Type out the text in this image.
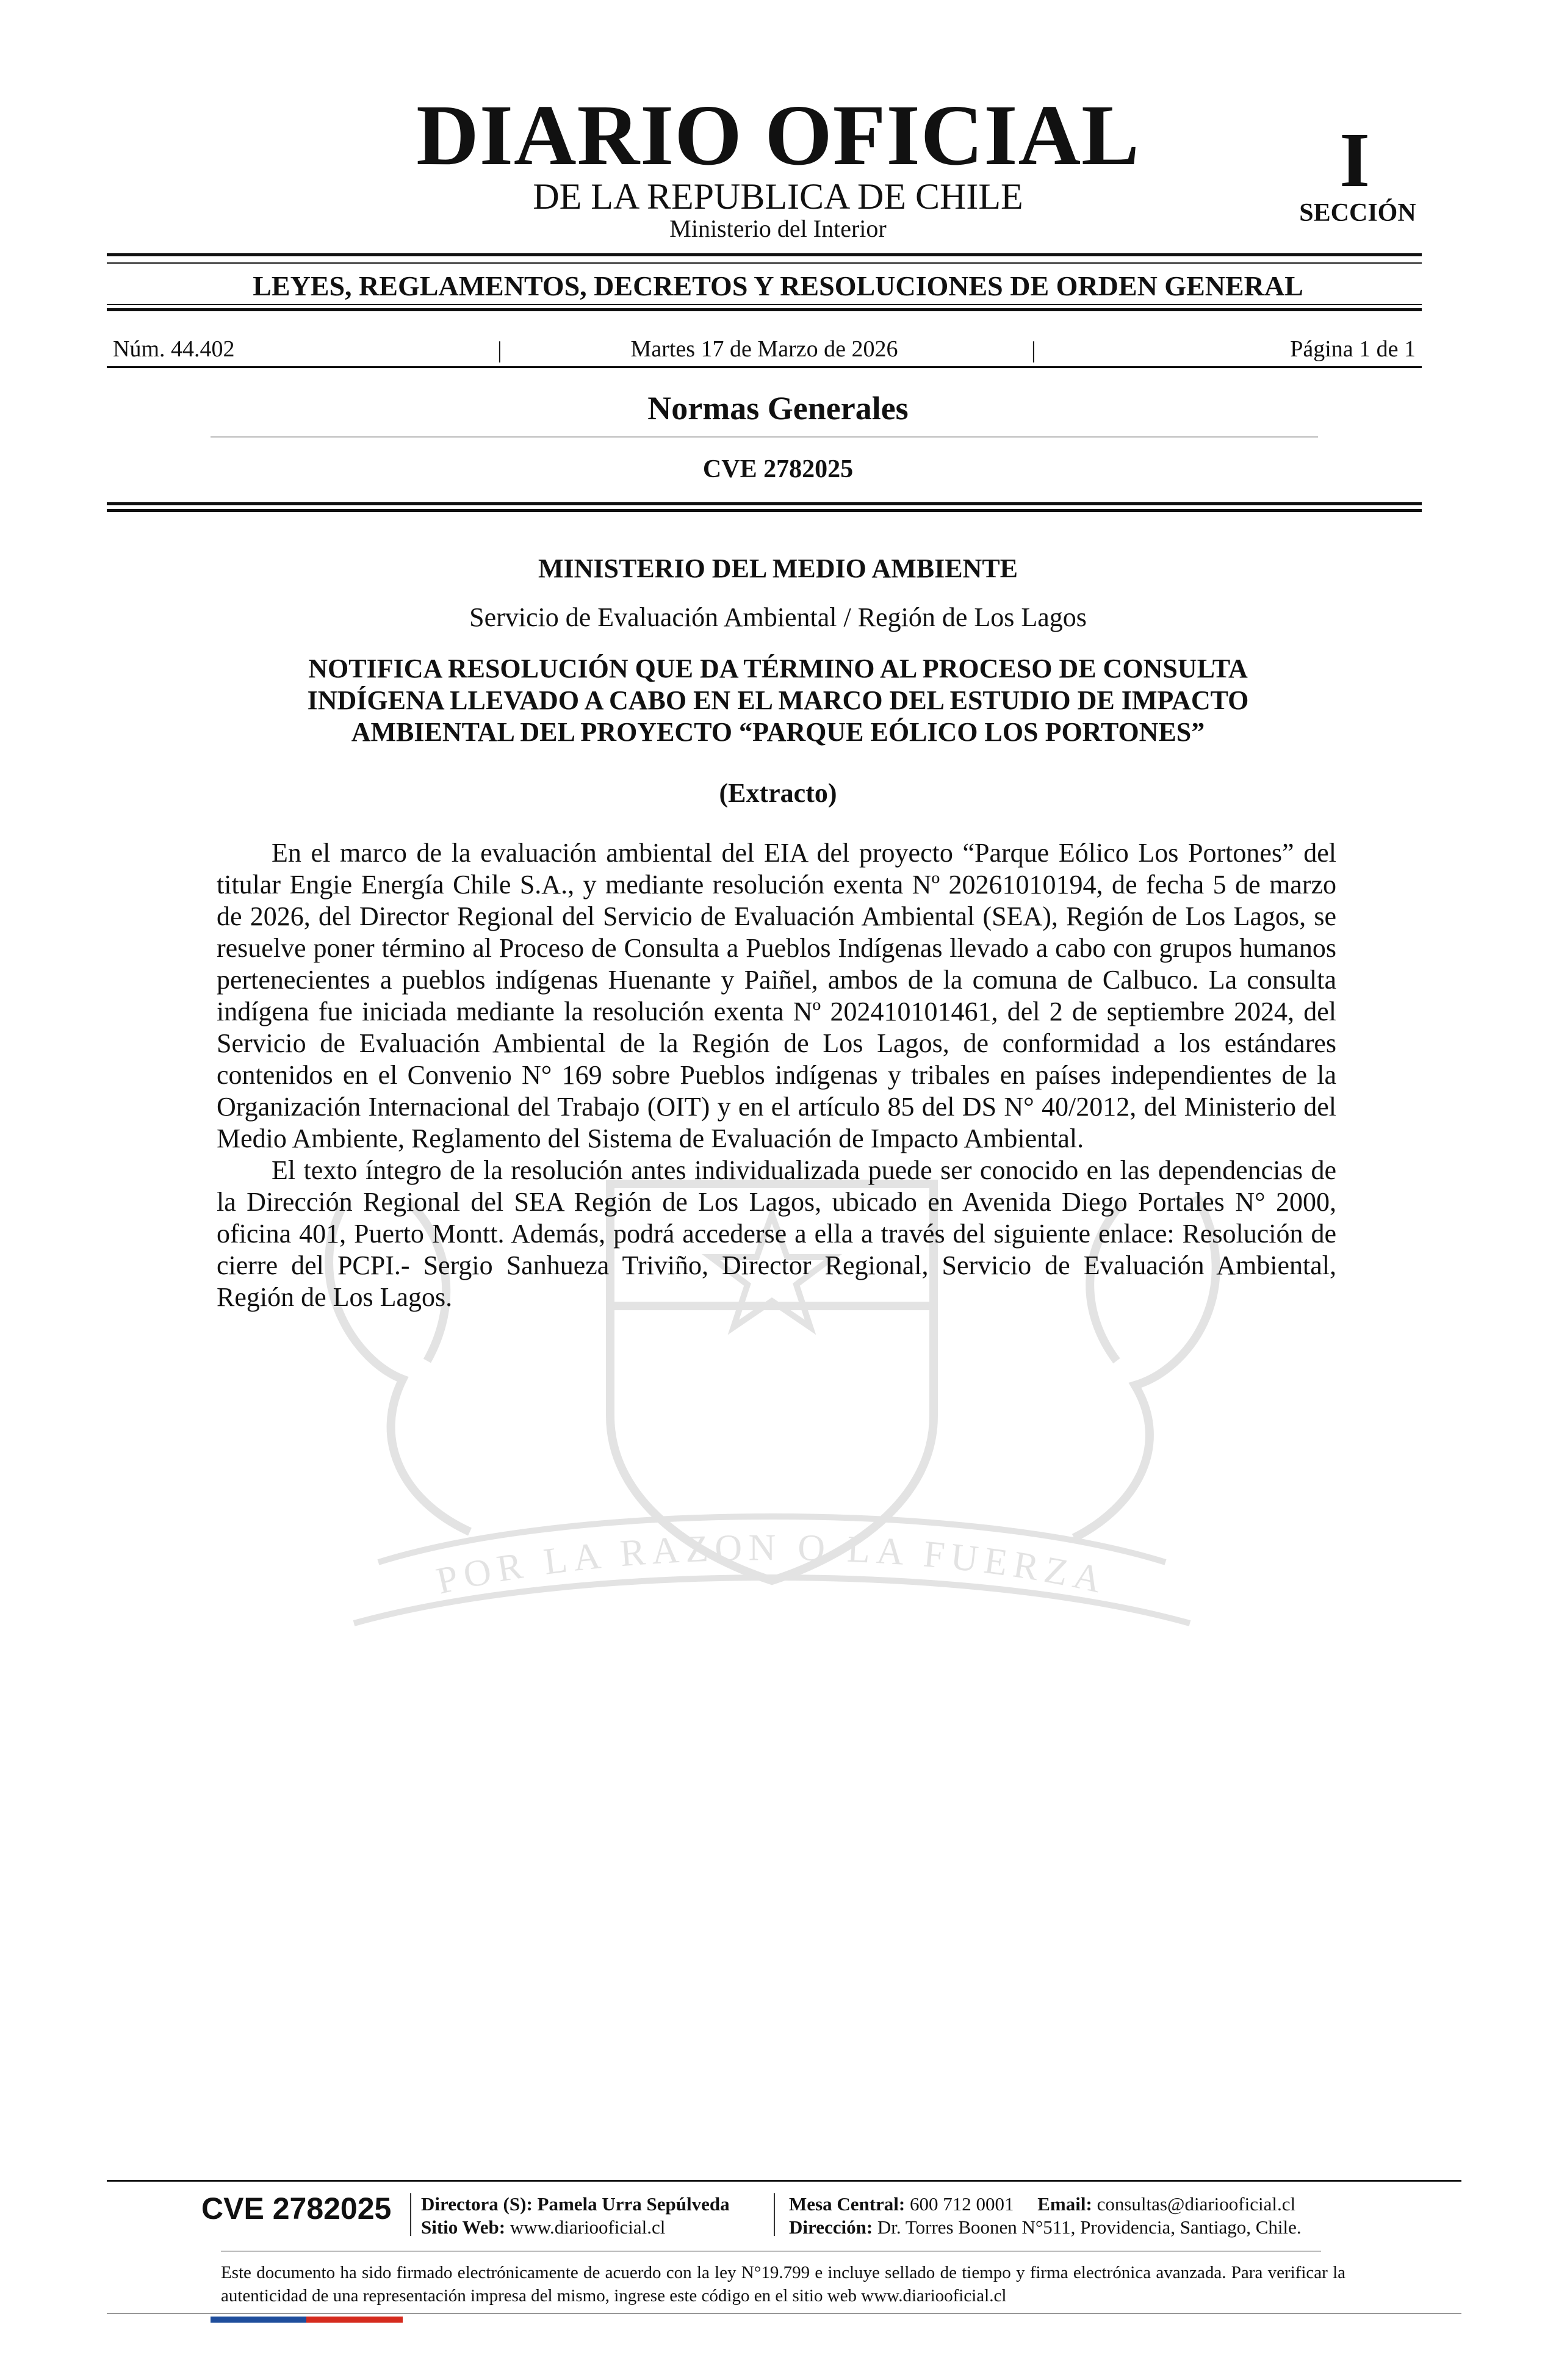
DIARIO OFICIAL
DE LA REPUBLICA DE CHILE
Ministerio del Interior
I
SECCIÓN
LEYES, REGLAMENTOS, DECRETOS Y RESOLUCIONES DE ORDEN GENERAL
Núm. 44.402	|	Martes 17 de Marzo de 2026	|	Página 1 de 1
Normas Generales
CVE 2782025
POR LA RAZON O LA FUERZA
MINISTERIO DEL MEDIO AMBIENTE
Servicio de Evaluación Ambiental / Región de Los Lagos
NOTIFICA RESOLUCIÓN QUE DA TÉRMINO AL PROCESO DE CONSULTA
INDÍGENA LLEVADO A CABO EN EL MARCO DEL ESTUDIO DE IMPACTO
AMBIENTAL DEL PROYECTO “PARQUE EÓLICO LOS PORTONES”
(Extracto)

En el marco de la evaluación ambiental del EIA del proyecto “Parque Eólico Los Portones” del titular Engie Energía Chile S.A., y mediante resolución exenta Nº 20261010194, de fecha 5 de marzo de 2026, del Director Regional del Servicio de Evaluación Ambiental (SEA), Región de Los Lagos, se resuelve poner término al Proceso de Consulta a Pueblos Indígenas llevado a cabo con grupos humanos pertenecientes a pueblos indígenas Huenante y Paiñel, ambos de la comuna de Calbuco. La consulta indígena fue iniciada mediante la resolución exenta Nº 202410101461, del 2 de septiembre 2024, del Servicio de Evaluación Ambiental de la Región de Los Lagos, de conformidad a los estándares contenidos en el Convenio N° 169 sobre Pueblos indígenas y tribales en países independientes de la Organización Internacional del Trabajo (OIT) y en el artículo 85 del DS N° 40/2012, del Ministerio del Medio Ambiente, Reglamento del Sistema de Evaluación de Impacto Ambiental.

El texto íntegro de la resolución antes individualizada puede ser conocido en las dependencias de la Dirección Regional del SEA Región de Los Lagos, ubicado en Avenida Diego Portales N° 2000, oficina 401, Puerto Montt. Además, podrá accederse a ella a través del siguiente enlace: Resolución de cierre del PCPI.- Sergio Sanhueza Triviño, Director Regional, Servicio de Evaluación Ambiental, Región de Los Lagos.

CVE 2782025 Directora (S): Pamela Urra Sepúlveda
Sitio Web: www.diariooficial.cl
Mesa Central: 600 712 0001 Email: consultas@diariooficial.cl
Dirección: Dr. Torres Boonen N°511, Providencia, Santiago, Chile.
Este documento ha sido firmado electrónicamente de acuerdo con la ley N°19.799 e incluye sellado de tiempo y firma electrónica avanzada. Para verificar la autenticidad de una representación impresa del mismo, ingrese este código en el sitio web www.diariooficial.cl
